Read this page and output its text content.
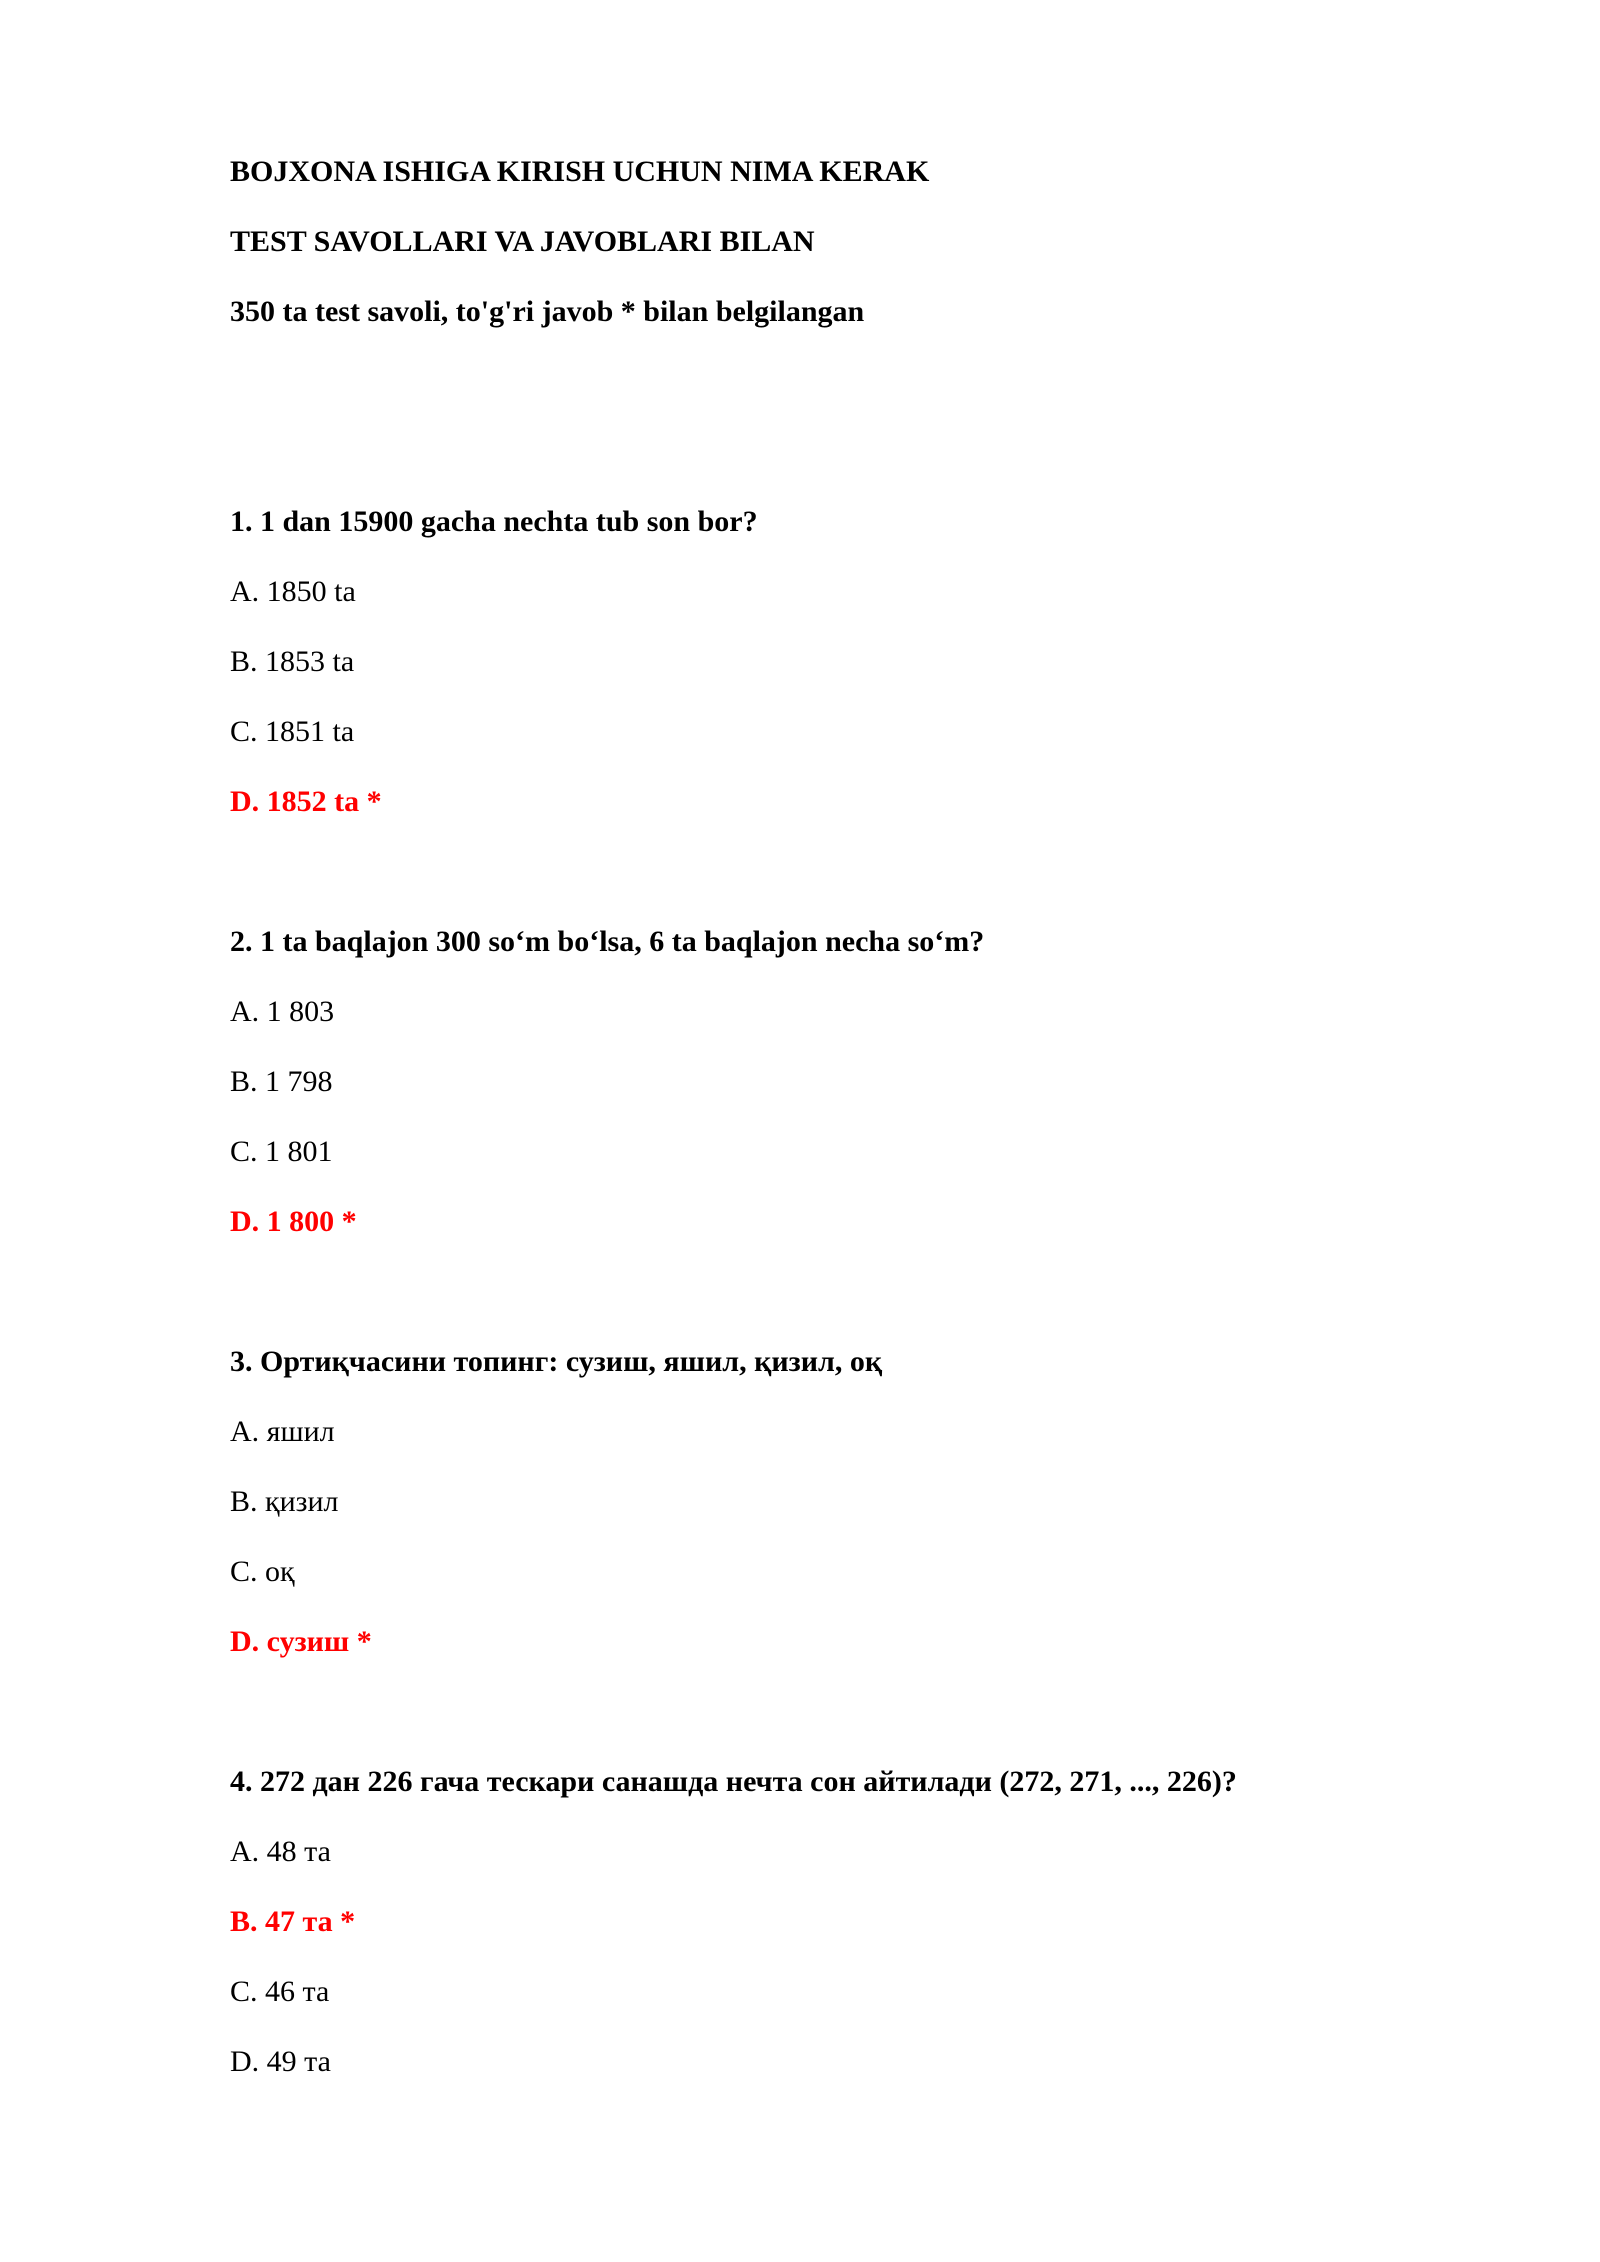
BOJXONA ISHIGA KIRISH UCHUN NIMA KERAK
TEST SAVOLLARI VA JAVOBLARI BILAN
350 ta test savoli, to'g'ri javob * bilan belgilangan
1. 1 dan 15900 gacha nechta tub son bor?
A. 1850 ta
B. 1853 ta
C. 1851 ta
D. 1852 ta *
2. 1 ta baqlajon 300 so‘m bo‘lsa, 6 ta baqlajon necha so‘m?
A. 1 803
B. 1 798
C. 1 801
D. 1 800 *
3. Ортиқчасини топинг: сузиш, яшил, қизил, оқ
A. яшил
B. қизил
C. оқ
D. сузиш *
4. 272 дан 226 гача тескари санашда нечта сон айтилади (272, 271, ..., 226)?
A. 48 та
B. 47 та *
C. 46 та
D. 49 та
